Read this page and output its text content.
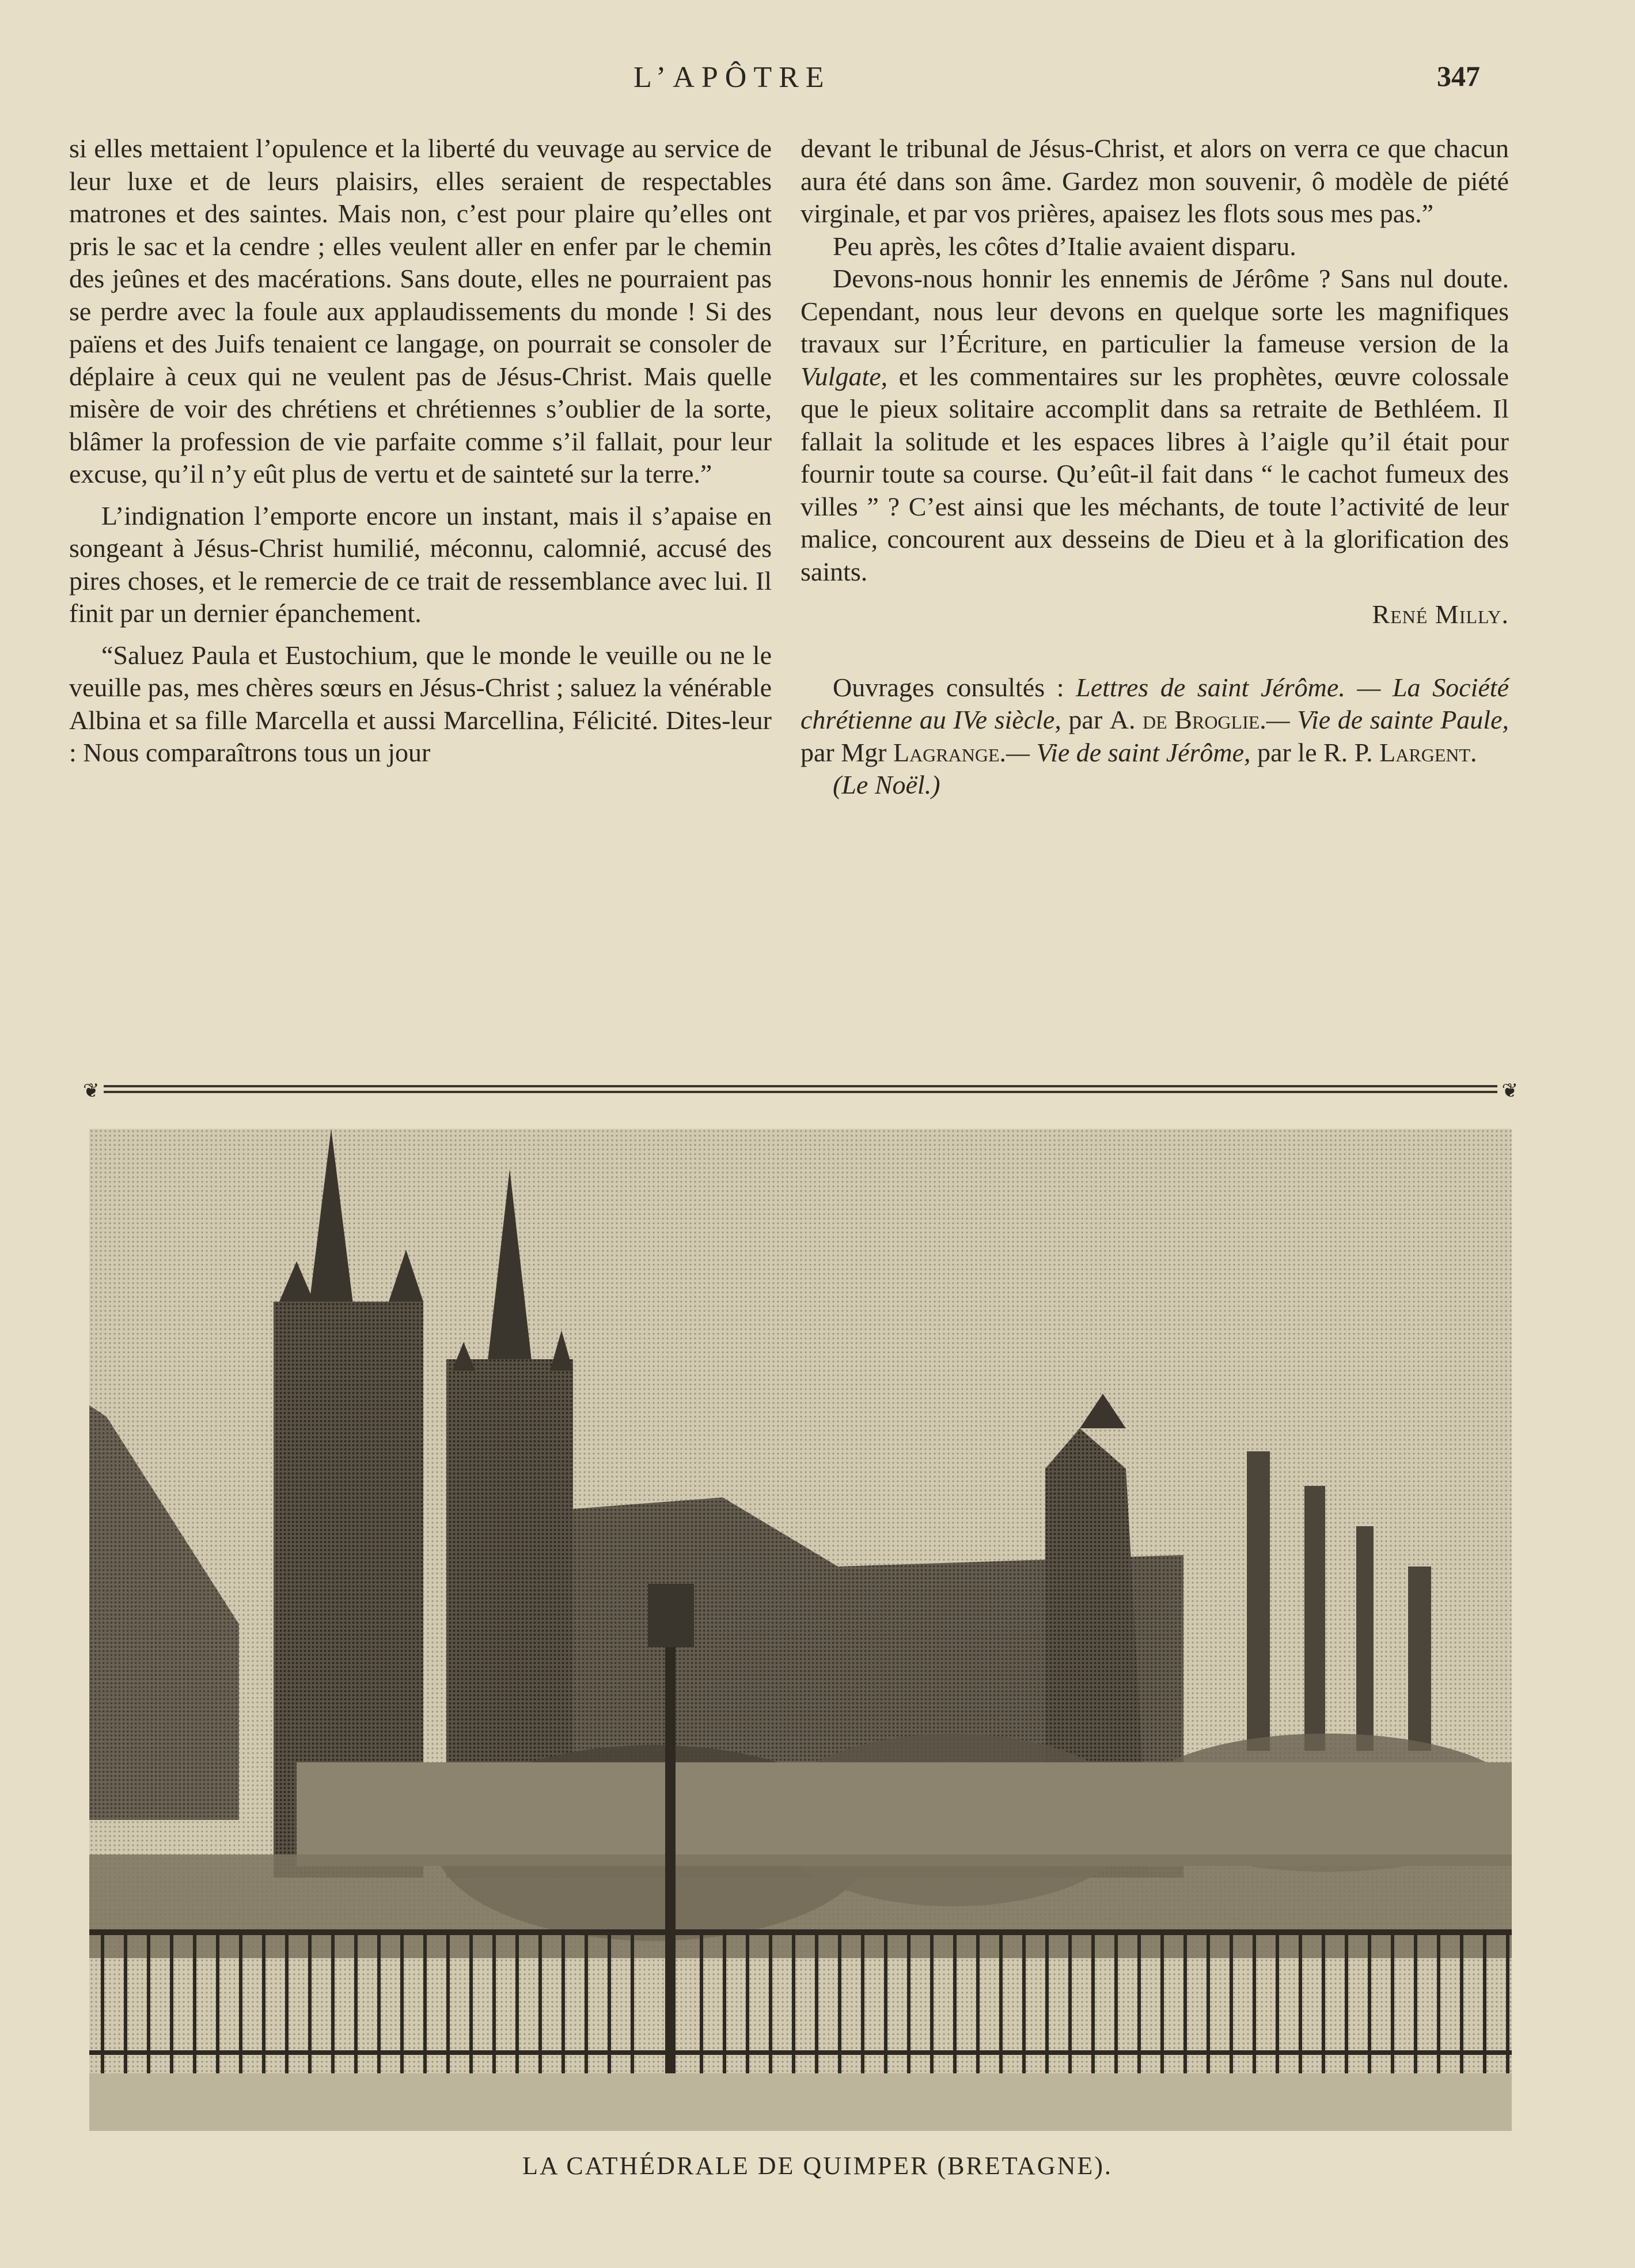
L’APÔTRE	347

si elles mettaient l’opulence et la liberté du veuvage au service de leur luxe et de leurs plaisirs, elles seraient de respectables matrones et des saintes. Mais non, c’est pour plaire qu’elles ont pris le sac et la cendre ; elles veulent aller en enfer par le chemin des jeûnes et des macérations. Sans doute, elles ne pourraient pas se perdre avec la foule aux applaudissements du monde ! Si des païens et des Juifs tenaient ce langage, on pourrait se consoler de déplaire à ceux qui ne veulent pas de Jésus-Christ. Mais quelle misère de voir des chrétiens et chrétiennes s’oublier de la sorte, blâmer la profession de vie parfaite comme s’il fallait, pour leur excuse, qu’il n’y eût plus de vertu et de sainteté sur la terre.”

L’indignation l’emporte encore un instant, mais il s’apaise en songeant à Jésus-Christ humilié, méconnu, calomnié, accusé des pires choses, et le remercie de ce trait de ressemblance avec lui. Il finit par un dernier épanchement.

“Saluez Paula et Eustochium, que le monde le veuille ou ne le veuille pas, mes chères sœurs en Jésus-Christ ; saluez la vénérable Albina et sa fille Marcella et aussi Marcellina, Félicité. Dites-leur : Nous comparaîtrons tous un jour

devant le tribunal de Jésus-Christ, et alors on verra ce que chacun aura été dans son âme. Gardez mon souvenir, ô modèle de piété virginale, et par vos prières, apaisez les flots sous mes pas.”

Peu après, les côtes d’Italie avaient disparu.

Devons-nous honnir les ennemis de Jérôme ? Sans nul doute. Cependant, nous leur devons en quelque sorte les magnifiques travaux sur l’Écriture, en particulier la fameuse version de la Vulgate, et les commentaires sur les prophètes, œuvre colossale que le pieux solitaire accomplit dans sa retraite de Bethléem. Il fallait la solitude et les espaces libres à l’aigle qu’il était pour fournir toute sa course. Qu’eût-il fait dans “ le cachot fumeux des villes ” ? C’est ainsi que les méchants, de toute l’activité de leur malice, concourent aux desseins de Dieu et à la glorification des saints.

René Milly.

Ouvrages consultés : Lettres de saint Jérôme. — La Société chrétienne au IVe siècle, par A. de Broglie.— Vie de sainte Paule, par Mgr Lagrange.— Vie de saint Jérôme, par le R. P. Largent.

(Le Noël.)

❦	❦
LA CATHÉDRALE DE QUIMPER (BRETAGNE).
